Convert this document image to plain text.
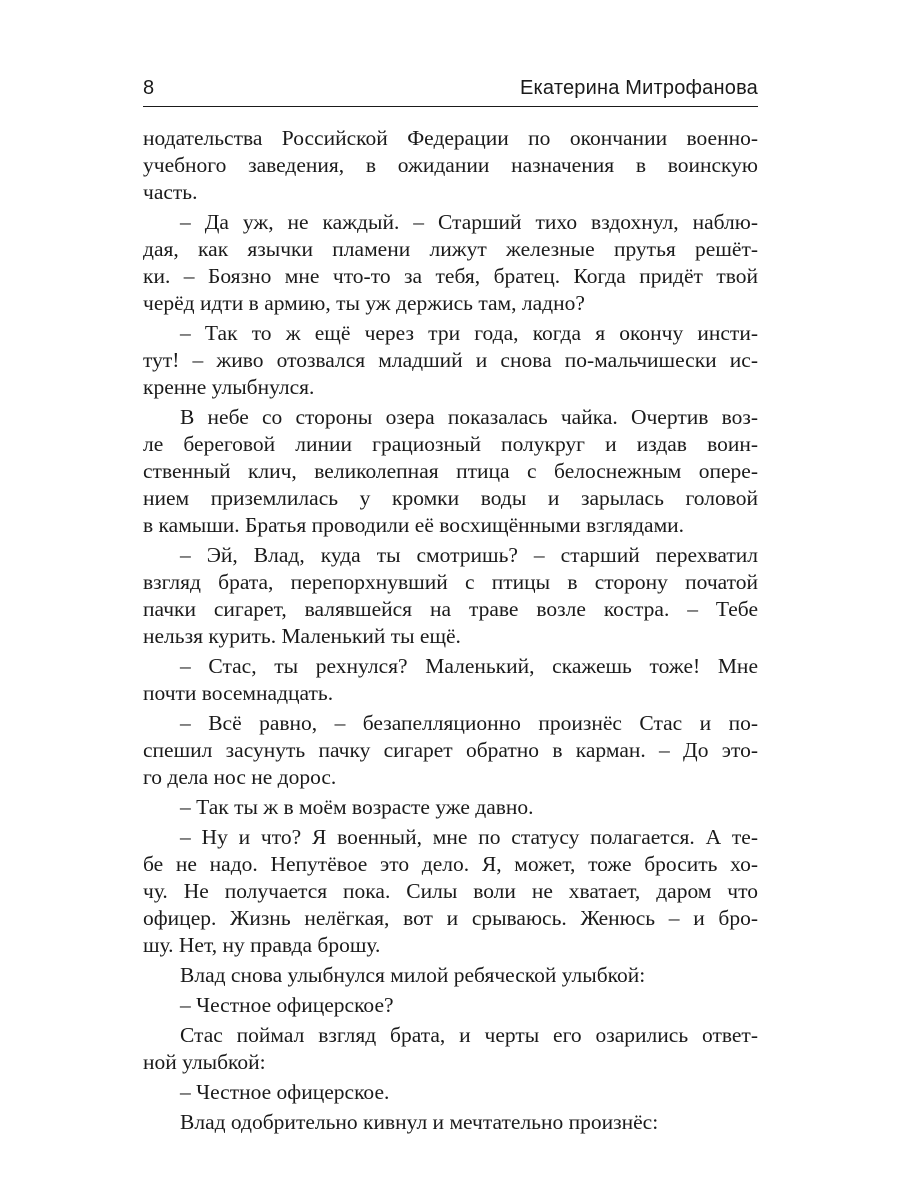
8	Екатерина Митрофанова
нодательства Российской Федерации по окончании военно-
учебного заведения, в ожидании назначения в воинскую
часть.
– Да уж, не каждый. – Старший тихо вздохнул, наблю-
дая, как язычки пламени лижут железные прутья решёт-
ки. – Боязно мне что-то за тебя, братец. Когда придёт твой
черёд идти в армию, ты уж держись там, ладно?
– Так то ж ещё через три года, когда я окончу инсти-
тут! – живо отозвался младший и снова по-мальчишески ис-
кренне улыбнулся.
В небе со стороны озера показалась чайка. Очертив воз-
ле береговой линии грациозный полукруг и издав воин-
ственный клич, великолепная птица с белоснежным опере-
нием приземлилась у кромки воды и зарылась головой
в камыши. Братья проводили её восхищёнными взглядами.
– Эй, Влад, куда ты смотришь? – старший перехватил
взгляд брата, перепорхнувший с птицы в сторону початой
пачки сигарет, валявшейся на траве возле костра. – Тебе
нельзя курить. Маленький ты ещё.
– Стас, ты рехнулся? Маленький, скажешь тоже! Мне
почти восемнадцать.
– Всё равно, – безапелляционно произнёс Стас и по-
спешил засунуть пачку сигарет обратно в карман. – До это-
го дела нос не дорос.
– Так ты ж в моём возрасте уже давно.
– Ну и что? Я военный, мне по статусу полагается. А те-
бе не надо. Непутёвое это дело. Я, может, тоже бросить хо-
чу. Не получается пока. Силы воли не хватает, даром что
офицер. Жизнь нелёгкая, вот и срываюсь. Женюсь – и бро-
шу. Нет, ну правда брошу.
Влад снова улыбнулся милой ребяческой улыбкой:
– Честное офицерское?
Стас поймал взгляд брата, и черты его озарились ответ-
ной улыбкой:
– Честное офицерское.
Влад одобрительно кивнул и мечтательно произнёс:
